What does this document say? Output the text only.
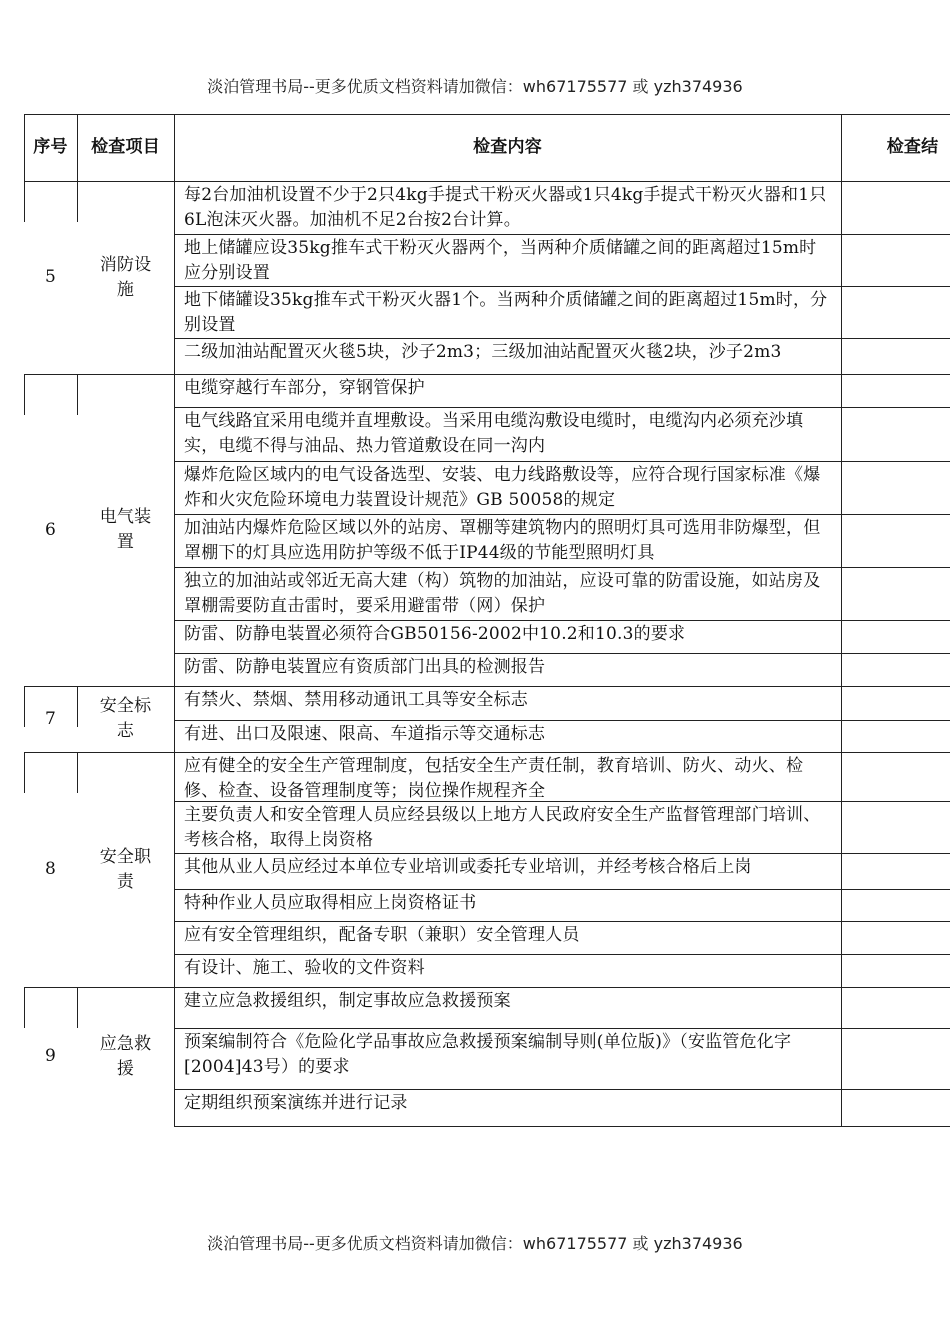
淡泊管理书局--更多优质文档资料请加微信：wh67175577 或 yzh374936
序号 检查项目	检查内容	检查结
5
消防设施
每2台加油机设置不少于2只4kg手提式干粉灭火器或1只4kg手提式干粉灭火器和1只6L泡沫灭火器。加油机不足2台按2台计算。
地上储罐应设35kg推车式干粉灭火器两个，当两种介质储罐之间的距离超过15m时应分别设置
地下储罐设35kg推车式干粉灭火器1个。当两种介质储罐之间的距离超过15m时，分别设置
二级加油站配置灭火毯5块，沙子2m3；三级加油站配置灭火毯2块，沙子2m3
6
电气装置
电缆穿越行车部分，穿钢管保护
电气线路宜采用电缆并直埋敷设。当采用电缆沟敷设电缆时，电缆沟内必须充沙填实，电缆不得与油品、热力管道敷设在同一沟内
爆炸危险区域内的电气设备选型、安装、电力线路敷设等，应符合现行国家标准《爆炸和火灾危险环境电力装置设计规范》GB 50058的规定
加油站内爆炸危险区域以外的站房、罩棚等建筑物内的照明灯具可选用非防爆型，但罩棚下的灯具应选用防护等级不低于IP44级的节能型照明灯具
独立的加油站或邻近无高大建（构）筑物的加油站，应设可靠的防雷设施，如站房及罩棚需要防直击雷时，要采用避雷带（网）保护
防雷、防静电装置必须符合GB50156-2002中10.2和10.3的要求
防雷、防静电装置应有资质部门出具的检测报告
7
安全标志
有禁火、禁烟、禁用移动通讯工具等安全标志
有进、出口及限速、限高、车道指示等交通标志
8
安全职责
应有健全的安全生产管理制度，包括安全生产责任制，教育培训、防火、动火、检修、检查、设备管理制度等；岗位操作规程齐全
主要负责人和安全管理人员应经县级以上地方人民政府安全生产监督管理部门培训、考核合格，取得上岗资格
其他从业人员应经过本单位专业培训或委托专业培训，并经考核合格后上岗
特种作业人员应取得相应上岗资格证书
应有安全管理组织，配备专职（兼职）安全管理人员
有设计、施工、验收的文件资料
9
应急救援
建立应急救援组织，制定事故应急救援预案
预案编制符合《危险化学品事故应急救援预案编制导则(单位版)》（安监管危化字[2004]43号）的要求
定期组织预案演练并进行记录
淡泊管理书局--更多优质文档资料请加微信：wh67175577 或 yzh374936
